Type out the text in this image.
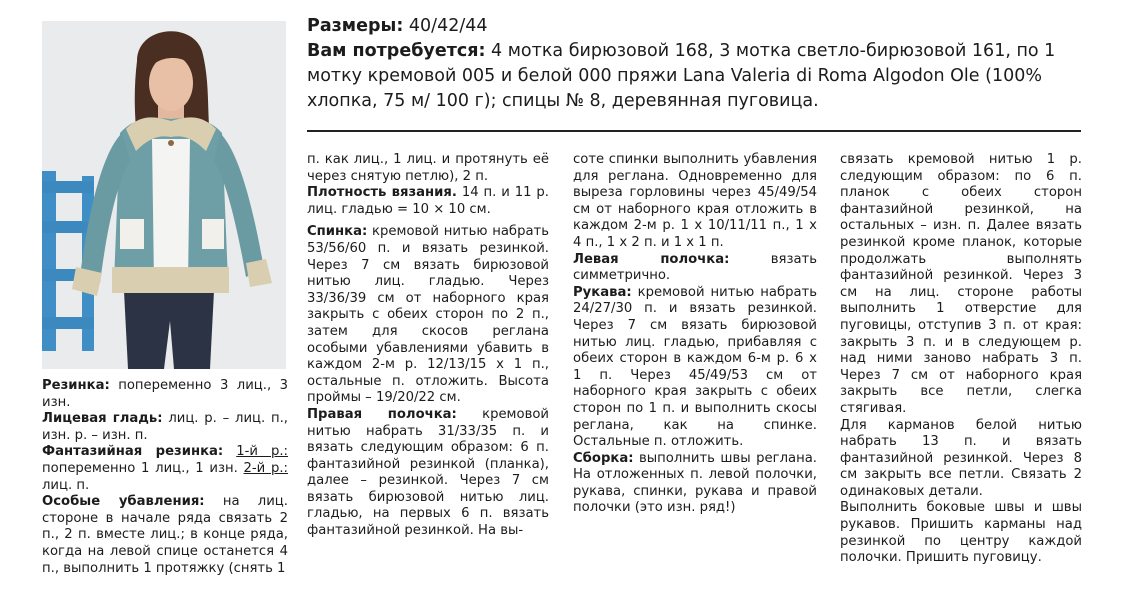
Размеры: 40/42/44
Вам потребуется: 4 мотка бирюзовой 168, 3 мотка светло-бирюзовой 161, по 1 мотку кремовой 005 и белой 000 пряжи Lana Valeria di Roma Algodon Ole (100% хлопка, 75 м/ 100 г); спицы № 8, деревянная пуговица.

Резинка: попеременно 3 лиц., 3 изн.

Лицевая гладь: лиц. р. – лиц. п., изн. р. – изн. п.

Фантазийная резинка: 1-й р.: попеременно 1 лиц., 1 изн. 2-й р.: лиц. п.

Особые убавления: на лиц. стороне в начале ряда связать 2 п., 2 п. вместе лиц.; в конце ряда, когда на левой спице останется 4 п., выполнить 1 протяжку (снять 1

п. как лиц., 1 лиц. и протянуть её через снятую петлю), 2 п.

Плотность вязания. 14 п. и 11 р. лиц. гладью = 10 × 10 см.

Спинка: кремовой нитью набрать 53/56/60 п. и вязать резинкой. Через 7 см вязать бирюзовой нитью лиц. гладью. Через 33/36/39 см от наборного края закрыть с обеих сторон по 2 п., затем для скосов реглана особыми убавлениями убавить в каждом 2-м р. 12/13/15 х 1 п., остальные п. отложить. Высота проймы – 19/20/22 см.

Правая полочка: кремовой нитью набрать 31/33/35 п. и вязать следующим образом: 6 п. фантазийной резинкой (планка), далее – резинкой. Через 7 см вязать бирюзовой нитью лиц. гладью, на первых 6 п. вязать фантазийной резинкой. На вы-

соте спинки выполнить убавления для реглана. Одновременно для выреза горловины через 45/49/54 см от наборного края отложить в каждом 2-м р. 1 х 10/11/11 п., 1 х 4 п., 1 х 2 п. и 1 х 1 п.

Левая полочка:	вязать симметрично.

Рукава: кремовой нитью набрать 24/27/30 п. и вязать резинкой. Через 7 см вязать бирюзовой нитью лиц. гладью, прибавляя с обеих сторон в каждом 6-м р. 6 х 1 п. Через 45/49/53 см от наборного края закрыть с обеих сторон по 1 п. и выполнить скосы реглана, как на спинке. Остальные п. отложить.

Сборка: выполнить швы реглана. На отложенных п. левой полочки, рукава, спинки, рукава и правой полочки (это изн. ряд!)

связать кремовой нитью 1 р. следующим образом: по 6 п. планок с обеих сторон фантазийной резинкой, на остальных – изн. п. Далее вязать резинкой кроме планок, которые продолжать выполнять фантазийной резинкой. Через 3 см на лиц. стороне работы выполнить 1 отверстие для пуговицы, отступив 3 п. от края: закрыть 3 п. и в следующем р. над ними заново набрать 3 п. Через 7 см от наборного края закрыть все петли, слегка стягивая.

Для карманов белой нитью набрать 13 п. и вязать фантазийной резинкой. Через 8 см закрыть все петли. Связать 2 одинаковых детали.

Выполнить боковые швы и швы рукавов. Пришить карманы над резинкой по центру каждой полочки. Пришить пуговицу.
